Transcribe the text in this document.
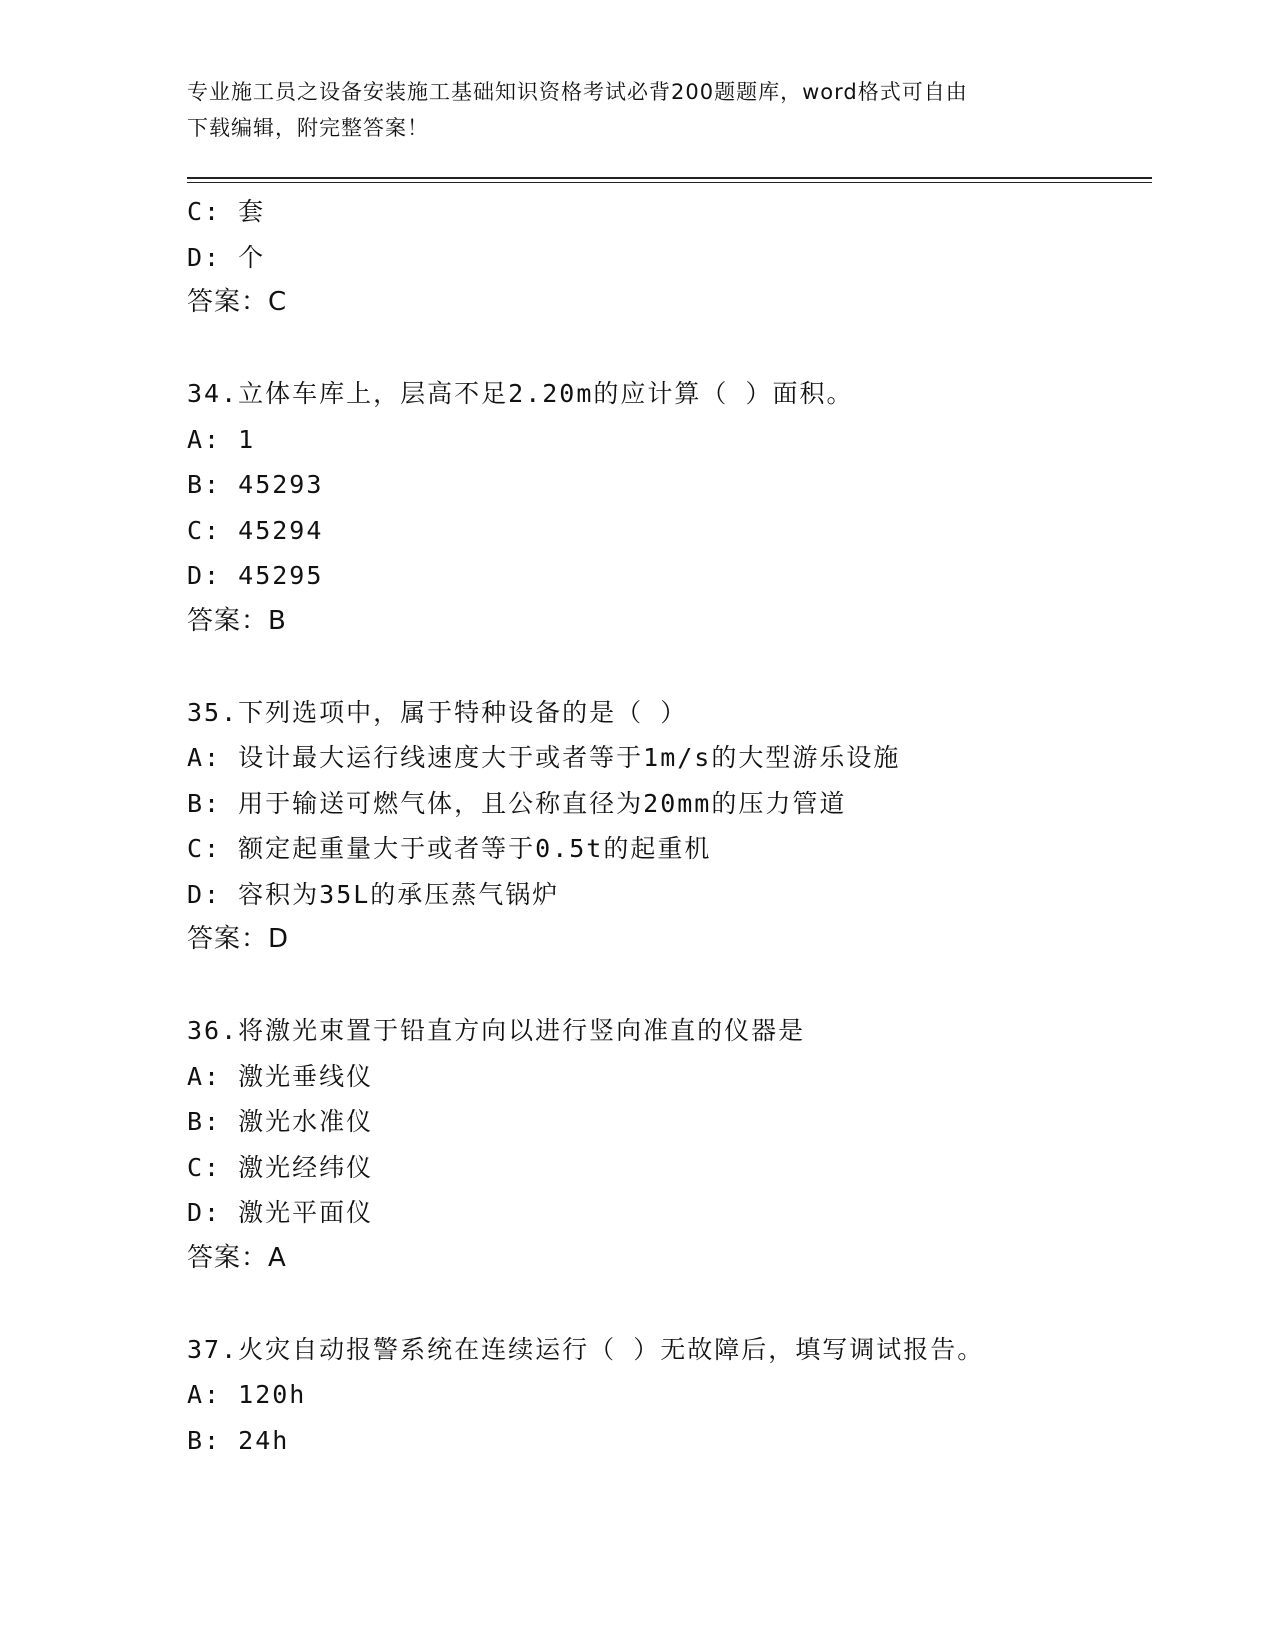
专业施工员之设备安装施工基础知识资格考试必背200题题库，word格式可自由
下载编辑，附完整答案！
C: 套
D: 个
答案：C
34.立体车库上，层高不足2.20m的应计算（ ）面积。
A: 1
B: 45293
C: 45294
D: 45295
答案：B
35.下列选项中，属于特种设备的是（ ）
A: 设计最大运行线速度大于或者等于1m/s的大型游乐设施
B: 用于输送可燃气体，且公称直径为20mm的压力管道
C: 额定起重量大于或者等于0.5t的起重机
D: 容积为35L的承压蒸气锅炉
答案：D
36.将激光束置于铅直方向以进行竖向准直的仪器是
A: 激光垂线仪
B: 激光水准仪
C: 激光经纬仪
D: 激光平面仪
答案：A
37.火灾自动报警系统在连续运行（ ）无故障后，填写调试报告。
A: 120h
B: 24h
